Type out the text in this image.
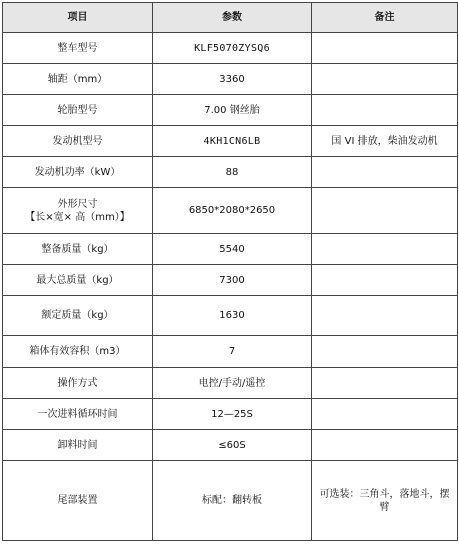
项目	参数	备注
整车型号	KLF5070ZYSQ6	
轴距（mm）	3360	
轮胎型号	7.00 钢丝胎	
发动机型号	4KH1CN6LB	国 VI 排放，柴油发动机
发动机功率（kW）	88	

外形尺寸
【长×宽× 高（mm）】	6850*2080*2650	
整备质量（kg）	5540	
最大总质量（kg）	7300	
额定质量（kg）	1630	
箱体有效容积（m3）	7	
操作方式	电控/手动/遥控	
一次进料循环时间	12—25S	
卸料时间	≤60S	
尾部装置	标配：翻转板	可选装：三角斗，落地斗，摆臂
